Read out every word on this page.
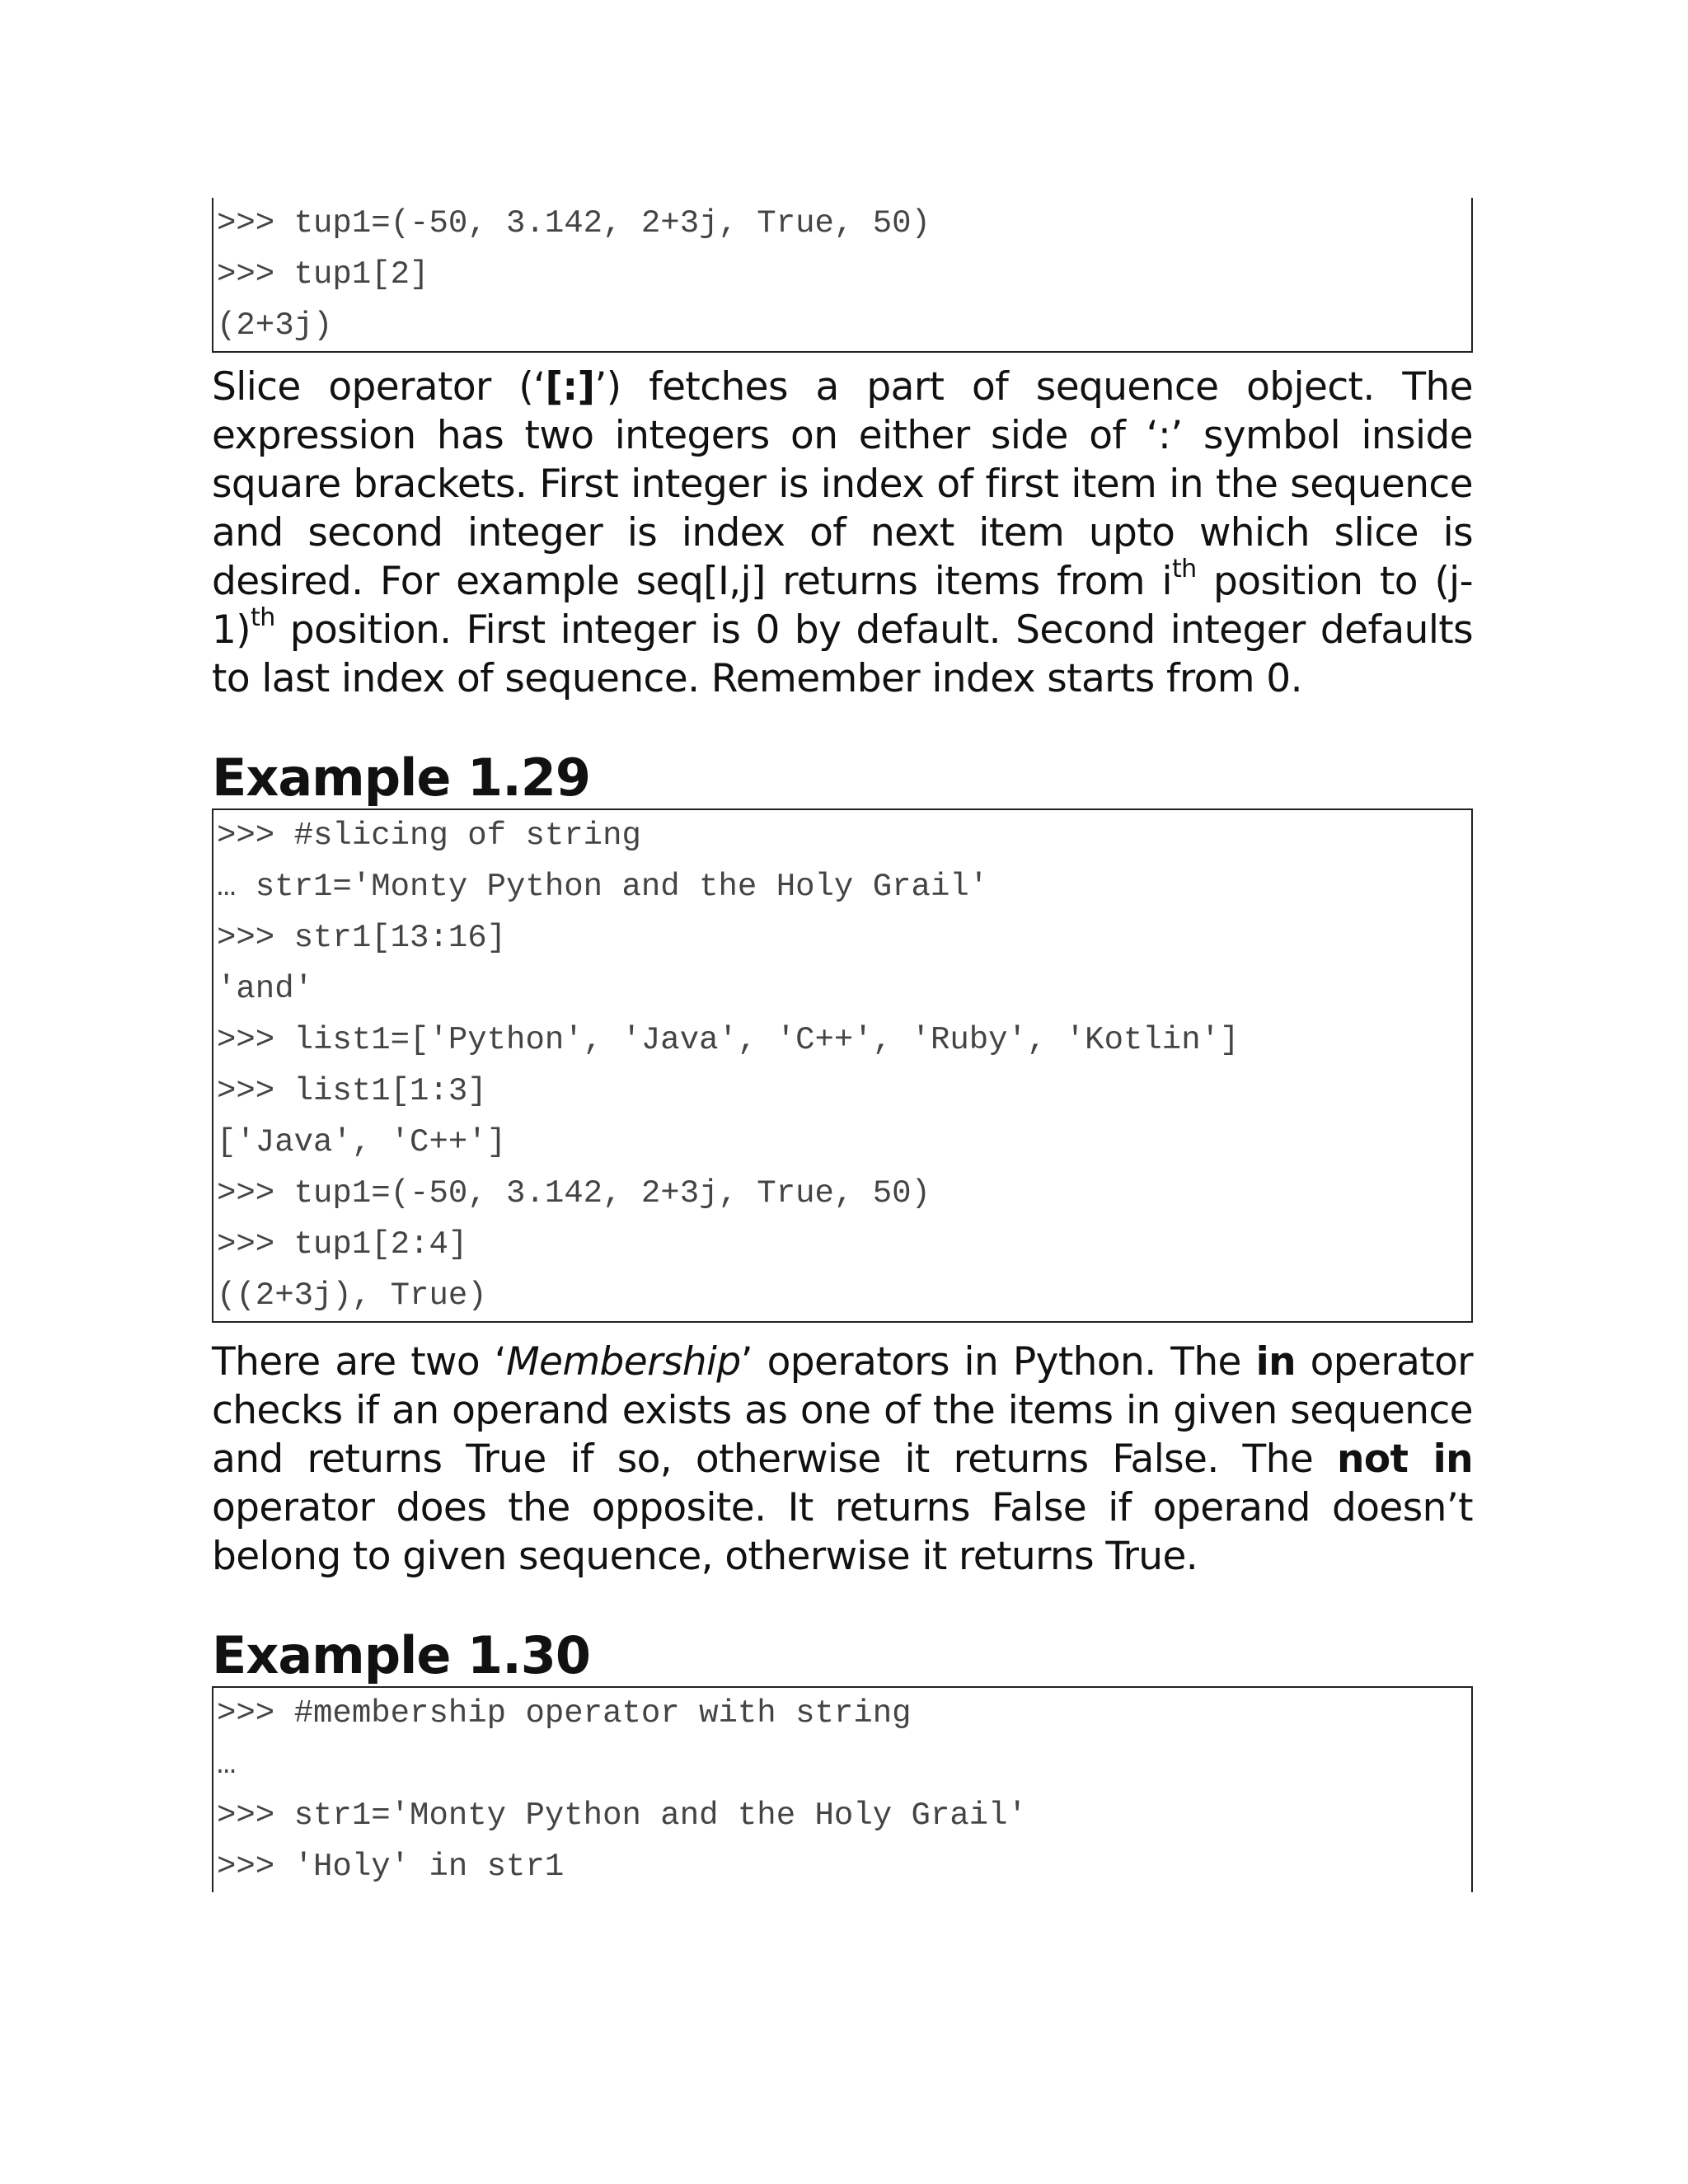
>>> tup1=(-50, 3.142, 2+3j, True, 50)
>>> tup1[2]
(2+3j)

Slice operator (‘[:]’) fetches a part of sequence object. The expression has two integers on either side of ‘:’ symbol inside square brackets. First integer is index of first item in the sequence and second integer is index of next item upto which slice is desired. For example seq[I,j] returns items from $i^{th}$ position to $(j-1)^{th}$ position. First integer is 0 by default. Second integer defaults to last index of sequence. Remember index starts from 0.

Example 1.29
>>> #slicing of string
… str1='Monty Python and the Holy Grail'
>>> str1[13:16]
'and'
>>> list1=['Python', 'Java', 'C++', 'Ruby', 'Kotlin']
>>> list1[1:3]
['Java', 'C++']
>>> tup1=(-50, 3.142, 2+3j, True, 50)
>>> tup1[2:4]
((2+3j), True)

There are two ‘Membership’ operators in Python. The in operator checks if an operand exists as one of the items in given sequence and returns True if so, otherwise it returns False. The not in operator does the opposite. It returns False if operand doesn’t belong to given sequence, otherwise it returns True.

Example 1.30
>>> #membership operator with string
…
>>> str1='Monty Python and the Holy Grail'
>>> 'Holy' in str1
